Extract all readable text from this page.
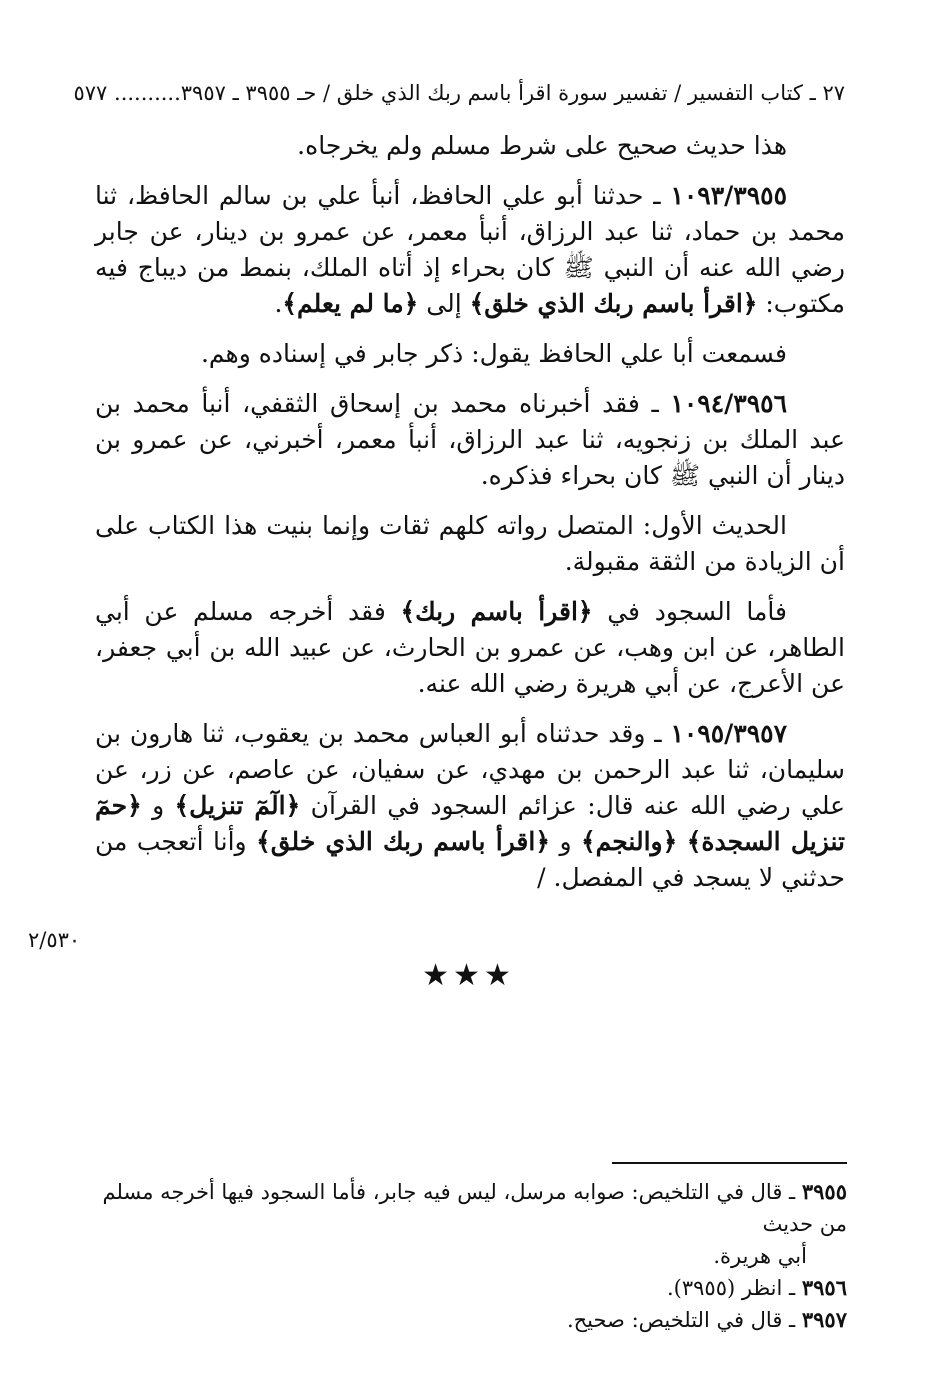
٢٧ ـ كتاب التفسير / تفسير سورة اقرأ باسم ربك الذي خلق / حـ ٣٩٥٥ ـ ٣٩٥٧
.......... ٥٧٧

هذا حديث صحيح على شرط مسلم ولم يخرجاه.

١٠٩٣/٣٩٥٥ ـ حدثنا أبو علي الحافظ، أنبأ علي بن سالم الحافظ، ثنا محمد بن حماد، ثنا عبد الرزاق، أنبأ معمر، عن عمرو بن دينار، عن جابر رضي الله عنه أن النبي ﷺ كان بحراء إذ أتاه الملك، بنمط من ديباج فيه مكتوب: ﴿اقرأ باسم ربك الذي خلق﴾ إلى ﴿ما لم يعلم﴾.

فسمعت أبا علي الحافظ يقول: ذكر جابر في إسناده وهم.

١٠٩٤/٣٩٥٦ ـ فقد أخبرناه محمد بن إسحاق الثقفي، أنبأ محمد بن عبد الملك بن زنجويه، ثنا عبد الرزاق، أنبأ معمر، أخبرني، عن عمرو بن دينار أن النبي ﷺ كان بحراء فذكره.

الحديث الأول: المتصل رواته كلهم ثقات وإنما بنيت هذا الكتاب على أن الزيادة من الثقة مقبولة.

فأما السجود في ﴿اقرأ باسم ربك﴾ فقد أخرجه مسلم عن أبي الطاهر، عن ابن وهب، عن عمرو بن الحارث، عن عبيد الله بن أبي جعفر، عن الأعرج، عن أبي هريرة رضي الله عنه.

١٠٩٥/٣٩٥٧ ـ وقد حدثناه أبو العباس محمد بن يعقوب، ثنا هارون بن سليمان، ثنا عبد الرحمن بن مهدي، عن سفيان، عن عاصم، عن زر، عن علي رضي الله عنه قال: عزائم السجود في القرآن ﴿الٓمٓ تنزيل﴾ و ﴿حمٓ تنزيل السجدة﴾ ﴿والنجم﴾ و ﴿اقرأ باسم ربك الذي خلق﴾ وأنا أتعجب من حدثني لا يسجد في المفصل. /

٢/٥٣٠
★★★

٣٩٥٥ ـ قال في التلخيص: صوابه مرسل، ليس فيه جابر، فأما السجود فيها أخرجه مسلم من حديث

أبي هريرة.

٣٩٥٦ ـ انظر (٣٩٥٥).

٣٩٥٧ ـ قال في التلخيص: صحيح.
